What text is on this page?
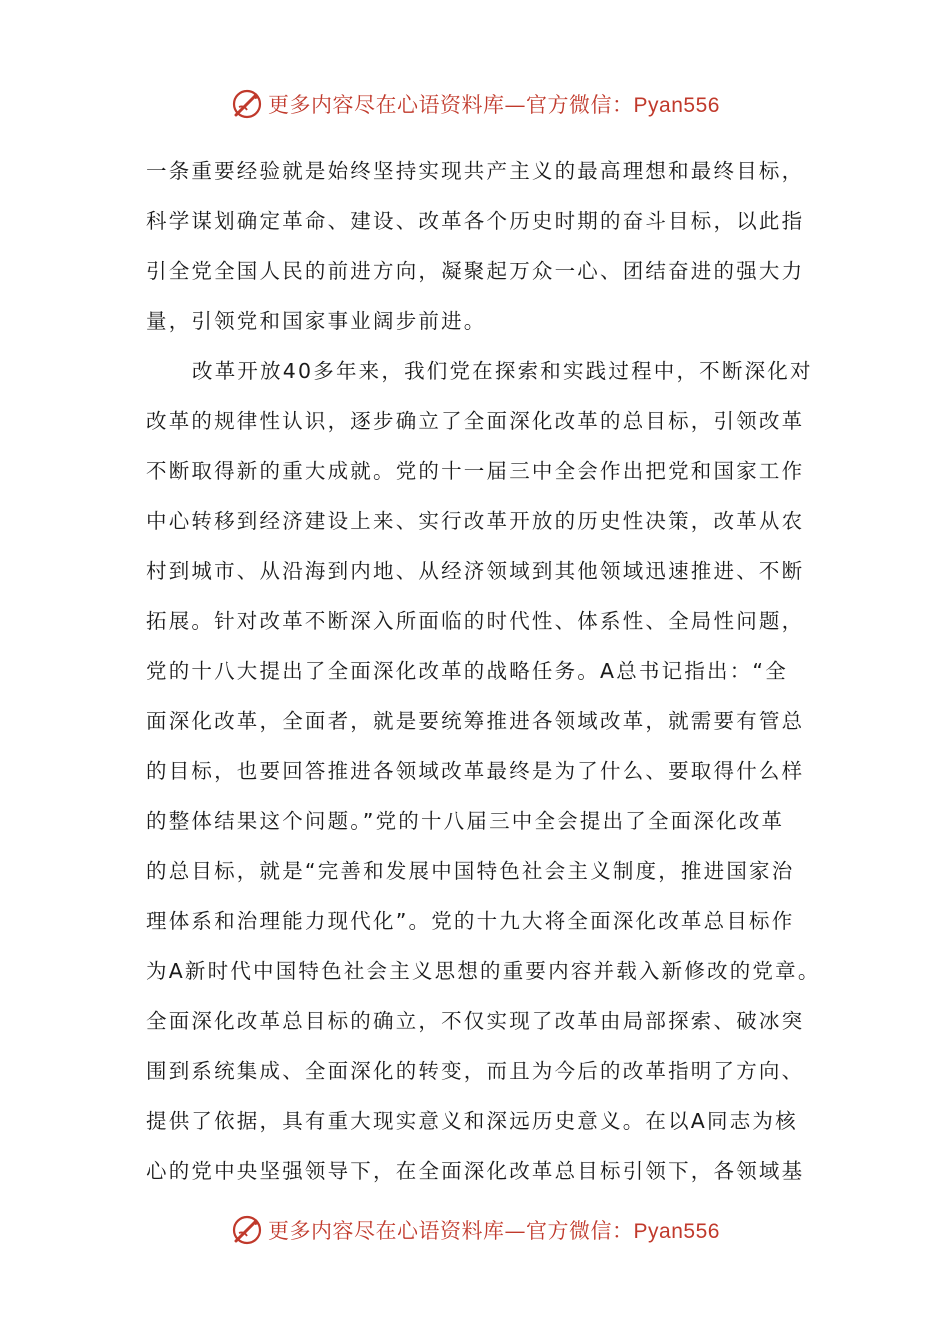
更多内容尽在心语资料库—官方微信：Pyan556
一条重要经验就是始终坚持实现共产主义的最高理想和最终目标，
科学谋划确定革命、建设、改革各个历史时期的奋斗目标，以此指
引全党全国人民的前进方向，凝聚起万众一心、团结奋进的强大力
量，引领党和国家事业阔步前进。
改革开放40多年来，我们党在探索和实践过程中，不断深化对
改革的规律性认识，逐步确立了全面深化改革的总目标，引领改革
不断取得新的重大成就。党的十一届三中全会作出把党和国家工作
中心转移到经济建设上来、实行改革开放的历史性决策，改革从农
村到城市、从沿海到内地、从经济领域到其他领域迅速推进、不断
拓展。针对改革不断深入所面临的时代性、体系性、全局性问题，
党的十八大提出了全面深化改革的战略任务。A总书记指出：“全
面深化改革，全面者，就是要统筹推进各领域改革，就需要有管总
的目标，也要回答推进各领域改革最终是为了什么、要取得什么样
的整体结果这个问题。”党的十八届三中全会提出了全面深化改革
的总目标，就是“完善和发展中国特色社会主义制度，推进国家治
理体系和治理能力现代化”。党的十九大将全面深化改革总目标作
为A新时代中国特色社会主义思想的重要内容并载入新修改的党章。
全面深化改革总目标的确立，不仅实现了改革由局部探索、破冰突
围到系统集成、全面深化的转变，而且为今后的改革指明了方向、
提供了依据，具有重大现实意义和深远历史意义。在以A同志为核
心的党中央坚强领导下，在全面深化改革总目标引领下，各领域基
更多内容尽在心语资料库—官方微信：Pyan556
